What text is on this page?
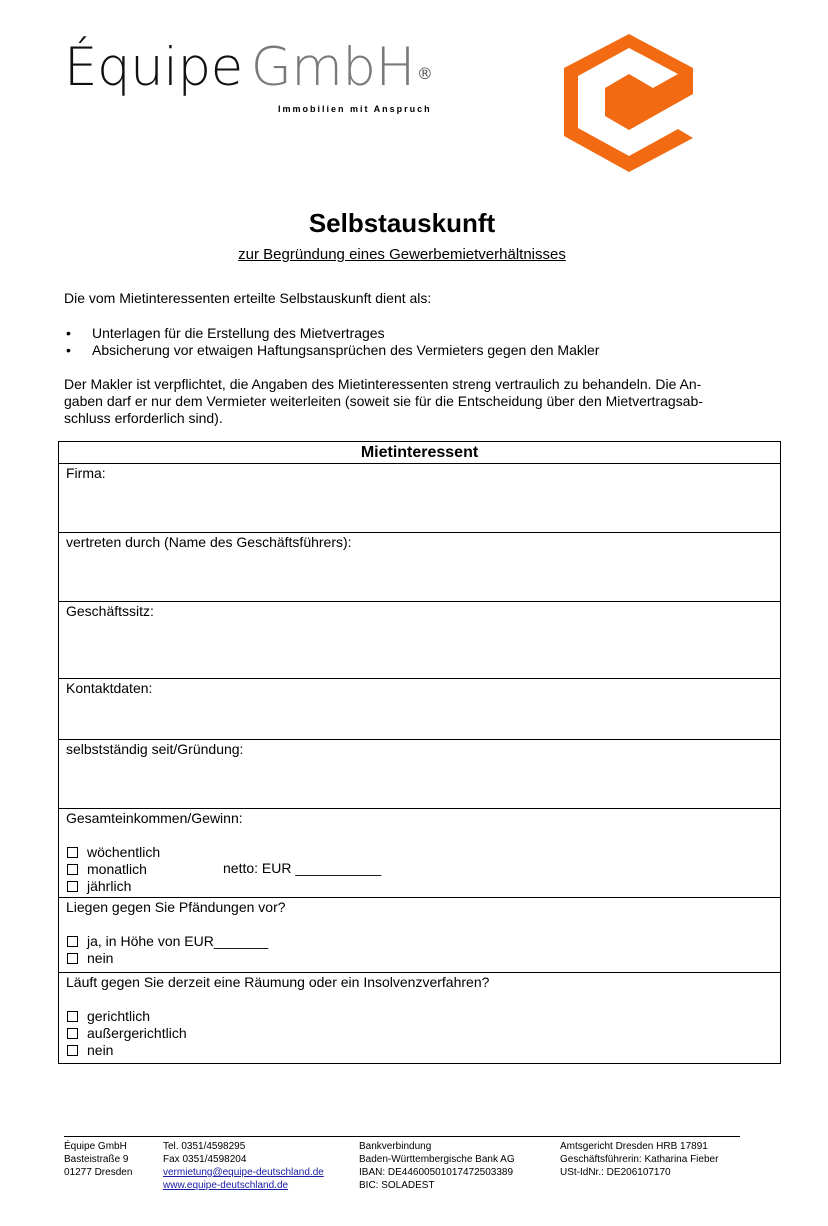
Équipe GmbH ®
Immobilien mit Anspruch
Selbstauskunft
zur Begründung eines Gewerbemietverhältnisses
Die vom Mietinteressenten erteilte Selbstauskunft dient als:
• Unterlagen für die Erstellung des Mietvertrages
• Absicherung vor etwaigen Haftungsansprüchen des Vermieters gegen den Makler
Der Makler ist verpflichtet, die Angaben des Mietinteressenten streng vertraulich zu behandeln. Die An-
gaben darf er nur dem Vermieter weiterleiten (soweit sie für die Entscheidung über den Mietvertragsab-
schluss erforderlich sind).
Mietinteressent
Firma:
vertreten durch (Name des Geschäftsführers):
Geschäftssitz:
Kontaktdaten:
selbstständig seit/Gründung:
Gesamteinkommen/Gewinn:
wöchentlich
monatlich
jährlich
netto: EUR ___________
Liegen gegen Sie Pfändungen vor?
ja, in Höhe von EUR_______
nein
Läuft gegen Sie derzeit eine Räumung oder ein Insolvenzverfahren?
gerichtlich
außergerichtlich
nein
Équipe GmbH
Basteistraße 9
01277 Dresden
Tel. 0351/4598295
Fax 0351/4598204
vermietung@equipe-deutschland.de
www.equipe-deutschland.de
Bankverbindung
Baden-Württembergische Bank AG
IBAN: DE44600501017472503389
BIC: SOLADEST
Amtsgericht Dresden HRB 17891
Geschäftsführerin: Katharina Fieber
USt-IdNr.: DE206107170
